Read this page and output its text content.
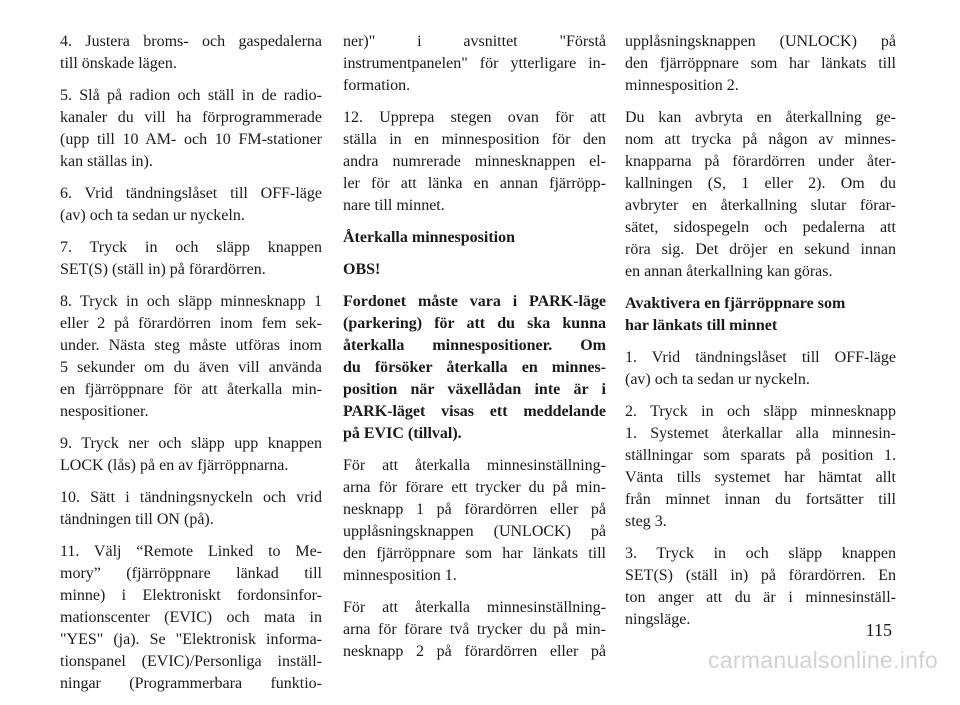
4. Justera broms- och gaspedalerna
till önskade lägen.

5. Slå på radion och ställ in de radio-
kanaler du vill ha förprogrammerade
(upp till 10 AM- och 10 FM-stationer
kan ställas in).

6. Vrid tändningslåset till OFF-läge
(av) och ta sedan ur nyckeln.

7. Tryck in och släpp knappen
SET(S) (ställ in) på förardörren.

8. Tryck in och släpp minnesknapp 1
eller 2 på förardörren inom fem sek-
under. Nästa steg måste utföras inom
5 sekunder om du även vill använda
en fjärröppnare för att återkalla min-
nespositioner.

9. Tryck ner och släpp upp knappen
LOCK (lås) på en av fjärröppnarna.

10. Sätt i tändningsnyckeln och vrid
tändningen till ON (på).

11. Välj “Remote Linked to Me-
mory” (fjärröppnare länkad till
minne) i Elektroniskt fordonsinfor-
mationscenter (EVIC) och mata in
"YES" (ja). Se "Elektronisk informa-
tionspanel (EVIC)/Personliga inställ-
ningar (Programmerbara funktio-

ner)" i avsnittet "Förstå
instrumentpanelen" för ytterligare in-
formation.

12. Upprepa stegen ovan för att
ställa in en minnesposition för den
andra numrerade minnesknappen el-
ler för att länka en annan fjärröpp-
nare till minnet.

Återkalla minnesposition

OBS!

Fordonet måste vara i PARK-läge
(parkering) för att du ska kunna
återkalla minnespositioner. Om
du försöker återkalla en minnes-
position när växellådan inte är i
PARK-läget visas ett meddelande
på EVIC (tillval).

För att återkalla minnesinställning-
arna för förare ett trycker du på min-
nesknapp 1 på förardörren eller på
upplåsningsknappen (UNLOCK) på
den fjärröppnare som har länkats till
minnesposition 1.

För att återkalla minnesinställning-
arna för förare två trycker du på min-
nesknapp 2 på förardörren eller på

upplåsningsknappen (UNLOCK) på
den fjärröppnare som har länkats till
minnesposition 2.

Du kan avbryta en återkallning ge-
nom att trycka på någon av minnes-
knapparna på förardörren under åter-
kallningen (S, 1 eller 2). Om du
avbryter en återkallning slutar förar-
sätet, sidospegeln och pedalerna att
röra sig. Det dröjer en sekund innan
en annan återkallning kan göras.

Avaktivera en fjärröppnare som
har länkats till minnet

1. Vrid tändningslåset till OFF-läge
(av) och ta sedan ur nyckeln.

2. Tryck in och släpp minnesknapp
1. Systemet återkallar alla minnesin-
ställningar som sparats på position 1.
Vänta tills systemet har hämtat allt
från minnet innan du fortsätter till
steg 3.

3. Tryck in och släpp knappen
SET(S) (ställ in) på förardörren. En
ton anger att du är i minnesinställ-
ningsläge.

115
carmanualsonline.info
